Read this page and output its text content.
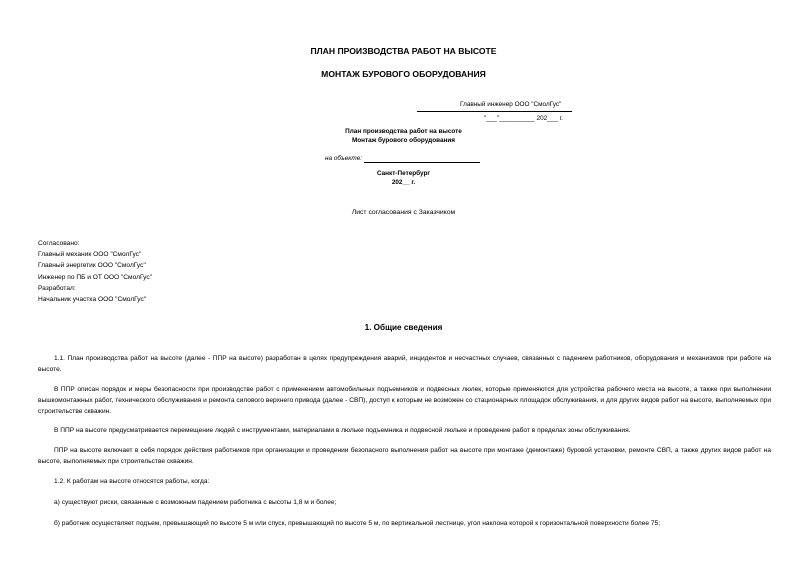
ПЛАН ПРОИЗВОДСТВА РАБОТ НА ВЫСОТЕ
МОНТАЖ БУРОВОГО ОБОРУДОВАНИЯ
Главный инженер ООО "СмолГус"
"___"__________ 202___ г.
План производства работ на высоте
Монтаж бурового оборудования
на объекте:
Санкт-Петербург
202__ г.
Лист согласования с Заказчиком
Согласовано:
Главный механик ООО "СмолГус"
Главный энергетик ООО "СмолГус"
Инженер по ПБ и ОТ ООО "СмолГус"
Разработал:
Начальник участка ООО "СмолГус"
1. Общие сведения
1.1. План производства работ на высоте (далее - ППР на высоте) разработан в целях предупреждения аварий, инцидентов и несчастных случаев, связанных с падением работников, оборудования и механизмов при работе на высоте.
В ППР описан порядок и меры безопасности при производстве работ с применением автомобильных подъемников и подвесных люлек, которые применяются для устройства рабочего места на высоте, а также при выполнении вышкомонтажных работ, технического обслуживания и ремонта силового верхнего привода (далее - СВП), доступ к которым не возможен со стационарных площадок обслуживания, и для других видов работ на высоте, выполняемых при строительстве скважин.
В ППР на высоте предусматривается перемещение людей с инструментами, материалами в люльке подъемника и подвесной люльке и проведение работ в пределах зоны обслуживания.
ППР на высоте включает в себя порядок действия работников при организации и проведении безопасного выполнения работ на высоте при монтаже (демонтаже) буровой установки, ремонте СВП, а также других видов работ на высоте, выполняемых при строительстве скважин.
1.2. К работам на высоте относятся работы, когда:
а) существуют риски, связанные с возможным падением работника с высоты 1,8 м и более;
б) работник осуществляет подъем, превышающий по высоте 5 м или спуск, превышающий по высоте 5 м, по вертикальной лестнице, угол наклона которой к горизонтальной поверхности более 75;
